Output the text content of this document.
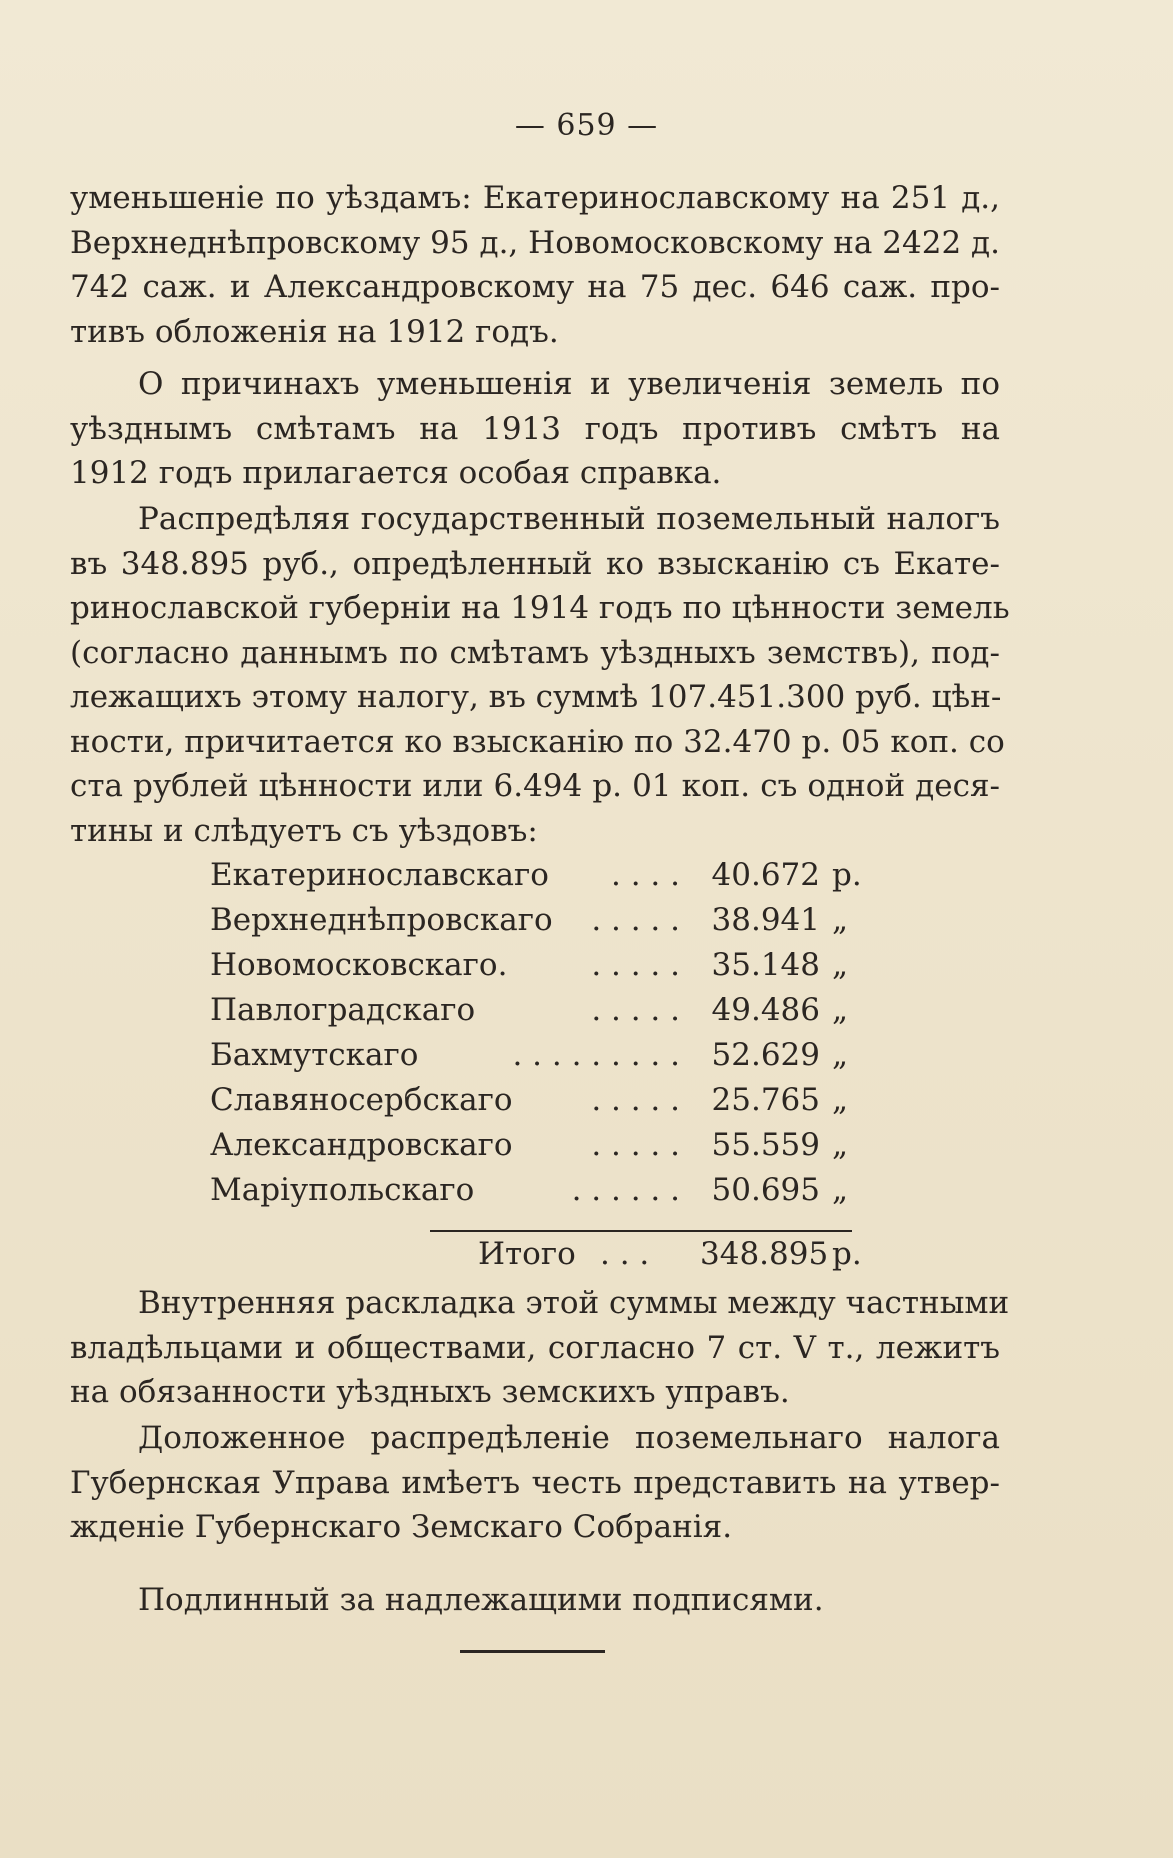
— 659 —
уменьшеніе по уѣздамъ: Екатеринославскому на 251 д.,
Верхнеднѣпровскому 95 д., Новомосковскому на 2422 д.
742 саж. и Александровскому на 75 дес. 646 саж. про-
тивъ обложенія на 1912 годъ.
О причинахъ уменьшенія и увеличенія земель по
уѣзднымъ смѣтамъ на 1913 годъ противъ смѣтъ на
1912 годъ прилагается особая справка.
Распредѣляя государственный поземельный налогъ
въ 348.895 руб., опредѣленный ко взысканію съ Екате-
ринославской губерніи на 1914 годъ по цѣнности земель
(согласно даннымъ по смѣтамъ уѣздныхъ земствъ), под-
лежащихъ этому налогу, въ суммѣ 107.451.300 руб. цѣн-
ности, причитается ко взысканію по 32.470 р. 05 коп. со
ста рублей цѣнности или 6.494 р. 01 коп. съ одной деся-
тины и слѣдуетъ съ уѣздовъ:
Екатеринославскаго	40.672 р.
. . . .
Верхнеднѣпровскаго	38.941 „
. . . . .
Новомосковскаго.	35.148 „
. . . . .
Павлоградскаго	49.486 „
. . . . .
Бахмутскаго	52.629 „
. . . . . . . . .
Славяносербскаго	25.765 „
. . . . .
Александровскаго	55.559 „
. . . . .
Маріупольскаго	50.695 „
. . . . . .
Итого . . . 348.895 р.
Внутренняя раскладка этой суммы между частными
владѣльцами и обществами, согласно 7 ст. V т., лежитъ
на обязанности уѣздныхъ земскихъ управъ.
Доложенное распредѣленіе поземельнаго налога
Губернская Управа имѣетъ честь представить на утвер-
жденіе Губернскаго Земскаго Собранія.
Подлинный за надлежащими подписями.
